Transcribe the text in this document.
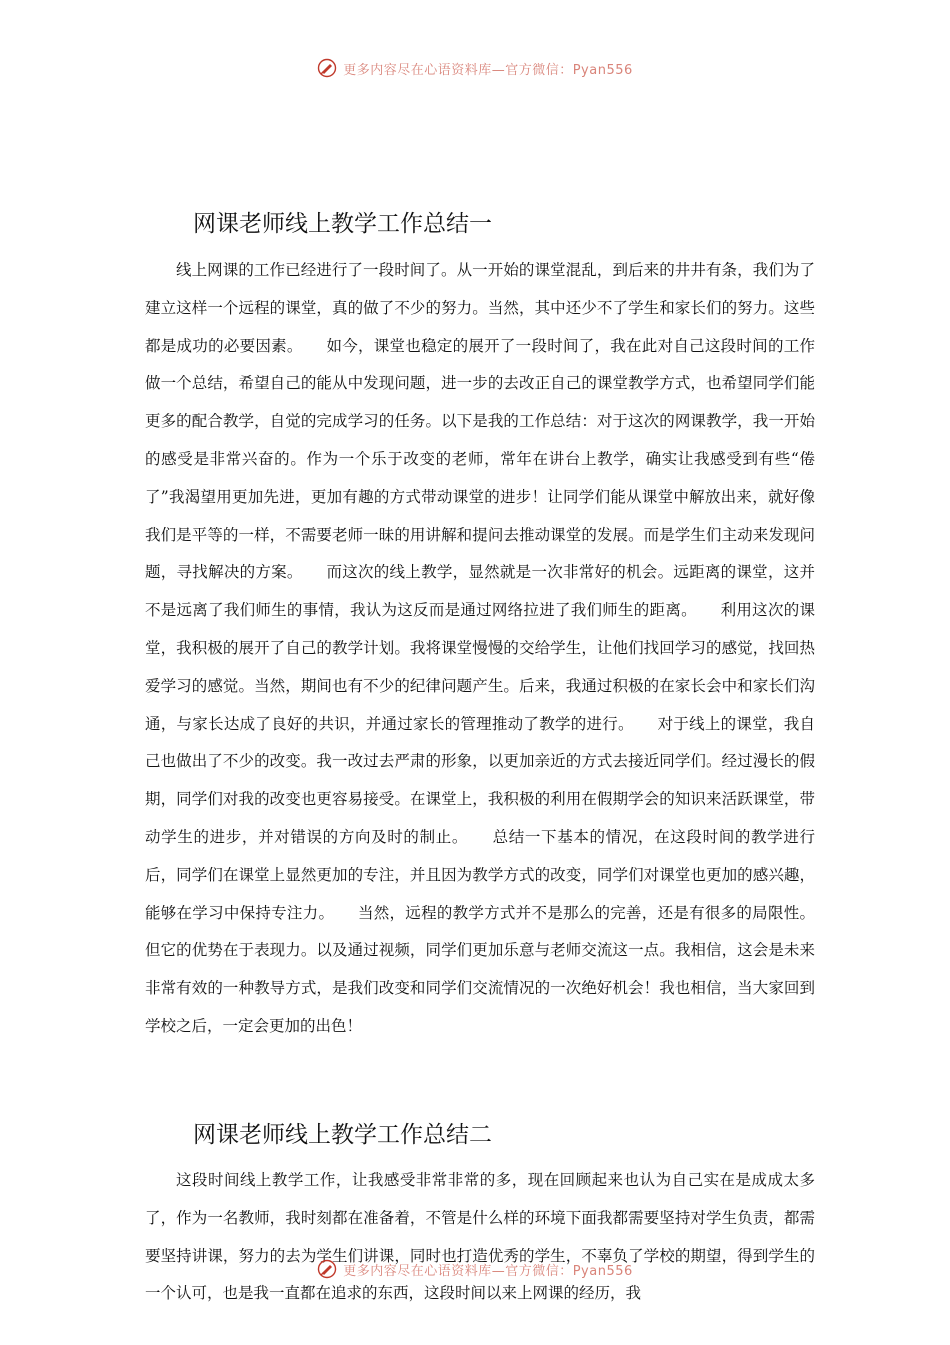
更多内容尽在心语资料库—官方微信：Pyan556
网课老师线上教学工作总结一

线上网课的工作已经进行了一段时间了。从一开始的课堂混乱，到后来的井井有条，我们为了建立这样一个远程的课堂，真的做了不少的努力。当然，其中还少不了学生和家长们的努力。这些都是成功的必要因素。　　如今，课堂也稳定的展开了一段时间了，我在此对自己这段时间的工作做一个总结，希望自己的能从中发现问题，进一步的去改正自己的课堂教学方式，也希望同学们能更多的配合教学，自觉的完成学习的任务。以下是我的工作总结：对于这次的网课教学，我一开始的感受是非常兴奋的。作为一个乐于改变的老师，常年在讲台上教学，确实让我感受到有些“倦了”我渴望用更加先进，更加有趣的方式带动课堂的进步！让同学们能从课堂中解放出来，就好像我们是平等的一样，不需要老师一昧的用讲解和提问去推动课堂的发展。而是学生们主动来发现问题，寻找解决的方案。　　而这次的线上教学，显然就是一次非常好的机会。远距离的课堂，这并不是远离了我们师生的事情，我认为这反而是通过网络拉进了我们师生的距离。　　利用这次的课堂，我积极的展开了自己的教学计划。我将课堂慢慢的交给学生，让他们找回学习的感觉，找回热爱学习的感觉。当然，期间也有不少的纪律问题产生。后来，我通过积极的在家长会中和家长们沟通，与家长达成了良好的共识，并通过家长的管理推动了教学的进行。　　对于线上的课堂，我自己也做出了不少的改变。我一改过去严肃的形象，以更加亲近的方式去接近同学们。经过漫长的假期，同学们对我的改变也更容易接受。在课堂上，我积极的利用在假期学会的知识来活跃课堂，带动学生的进步，并对错误的方向及时的制止。　　总结一下基本的情况，在这段时间的教学进行后，同学们在课堂上显然更加的专注，并且因为教学方式的改变，同学们对课堂也更加的感兴趣，能够在学习中保持专注力。　　当然，远程的教学方式并不是那么的完善，还是有很多的局限性。但它的优势在于表现力。以及通过视频，同学们更加乐意与老师交流这一点。我相信，这会是未来非常有效的一种教导方式，是我们改变和同学们交流情况的一次绝好机会！我也相信，当大家回到学校之后，一定会更加的出色！

网课老师线上教学工作总结二

这段时间线上教学工作，让我感受非常非常的多，现在回顾起来也认为自己实在是成成太多了，作为一名教师，我时刻都在准备着，不管是什么样的环境下面我都需要坚持对学生负责，都需要坚持讲课，努力的去为学生们讲课，同时也打造优秀的学生，不辜负了学校的期望，得到学生的一个认可，也是我一直都在追求的东西，这段时间以来上网课的经历，我

更多内容尽在心语资料库—官方微信：Pyan556
